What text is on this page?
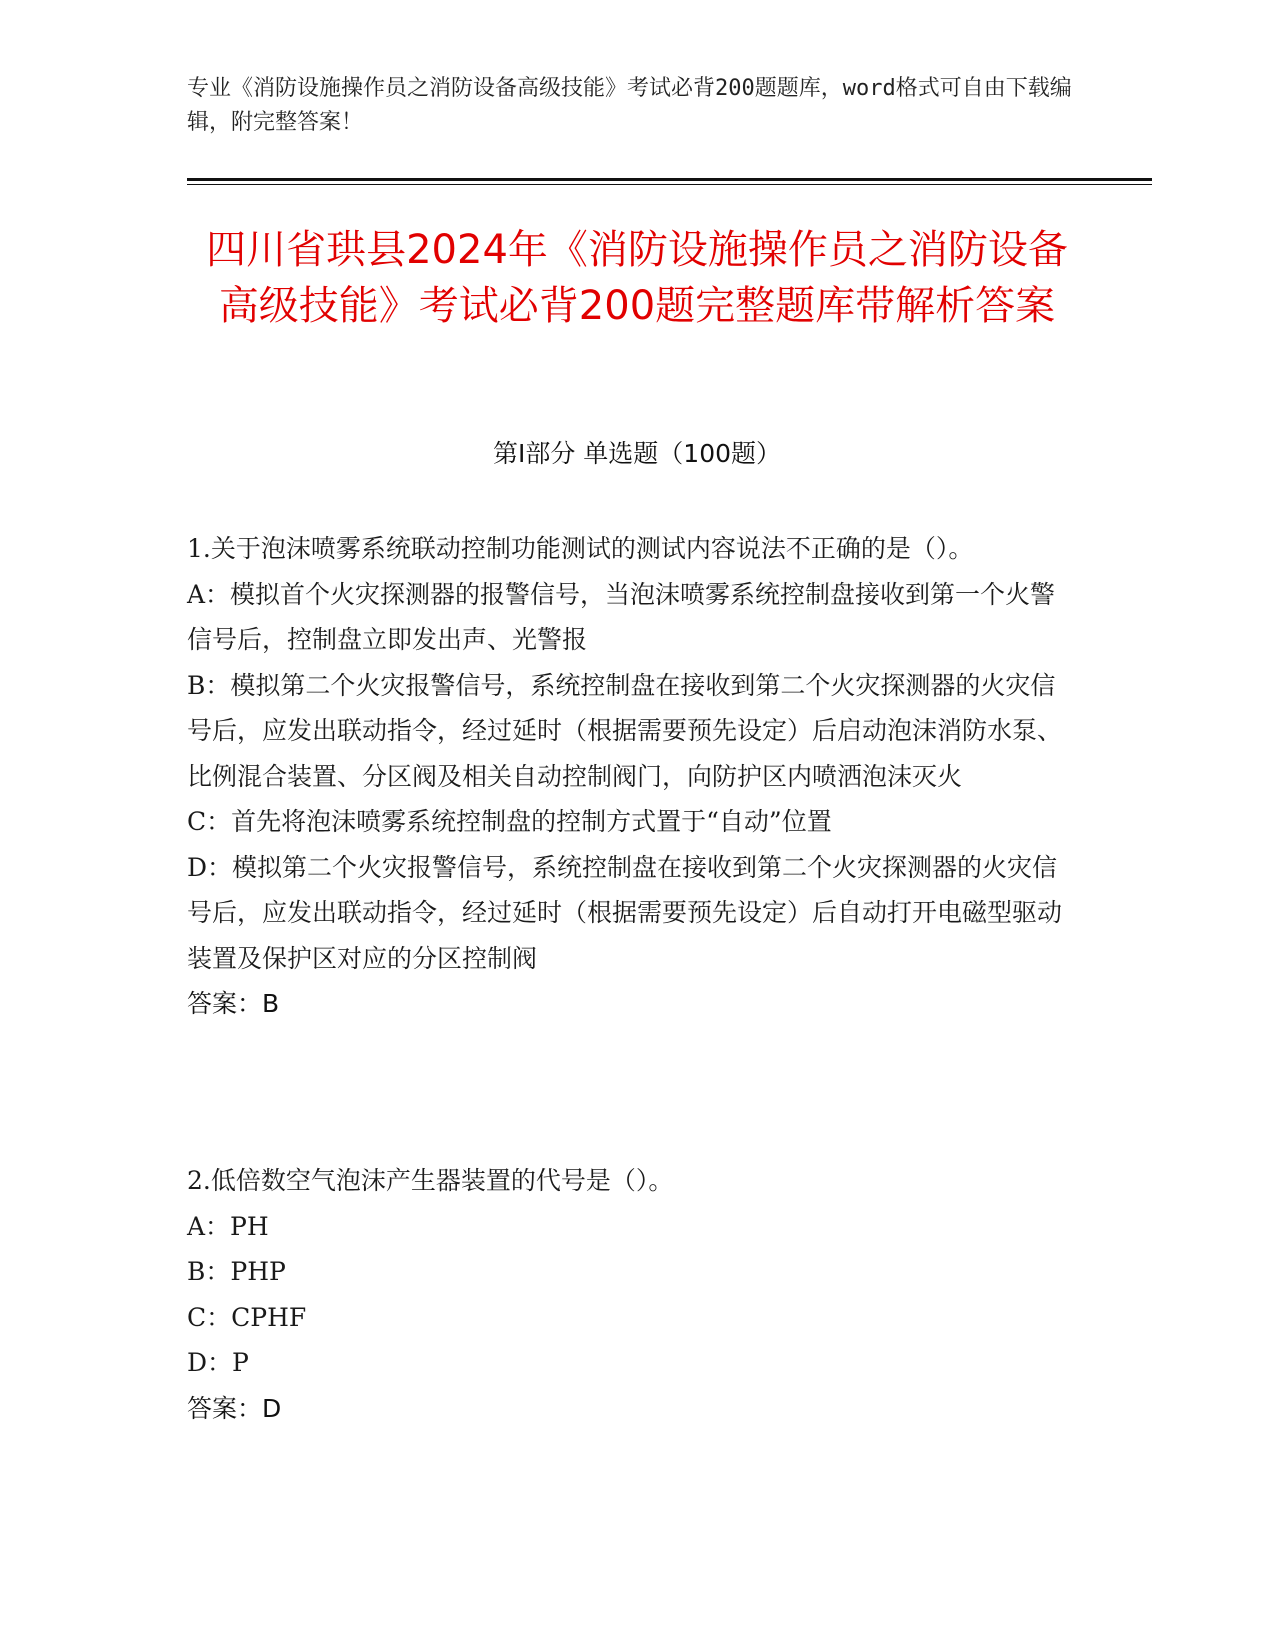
专业《消防设施操作员之消防设备高级技能》考试必背200题题库，word格式可自由下载编辑，附完整答案！
四川省珙县2024年《消防设施操作员之消防设备高级技能》考试必背200题完整题库带解析答案
第I部分 单选题（100题）

1.关于泡沫喷雾系统联动控制功能测试的测试内容说法不正确的是（）。

A：模拟首个火灾探测器的报警信号，当泡沫喷雾系统控制盘接收到第一个火警信号后，控制盘立即发出声、光警报

B：模拟第二个火灾报警信号，系统控制盘在接收到第二个火灾探测器的火灾信号后，应发出联动指令，经过延时（根据需要预先设定）后启动泡沫消防水泵、比例混合装置、分区阀及相关自动控制阀门，向防护区内喷洒泡沫灭火

C：首先将泡沫喷雾系统控制盘的控制方式置于“自动”位置

D：模拟第二个火灾报警信号，系统控制盘在接收到第二个火灾探测器的火灾信号后，应发出联动指令，经过延时（根据需要预先设定）后自动打开电磁型驱动装置及保护区对应的分区控制阀

答案：B

2.低倍数空气泡沫产生器装置的代号是（）。

A：PH

B：PHP

C：CPHF

D：P

答案：D
